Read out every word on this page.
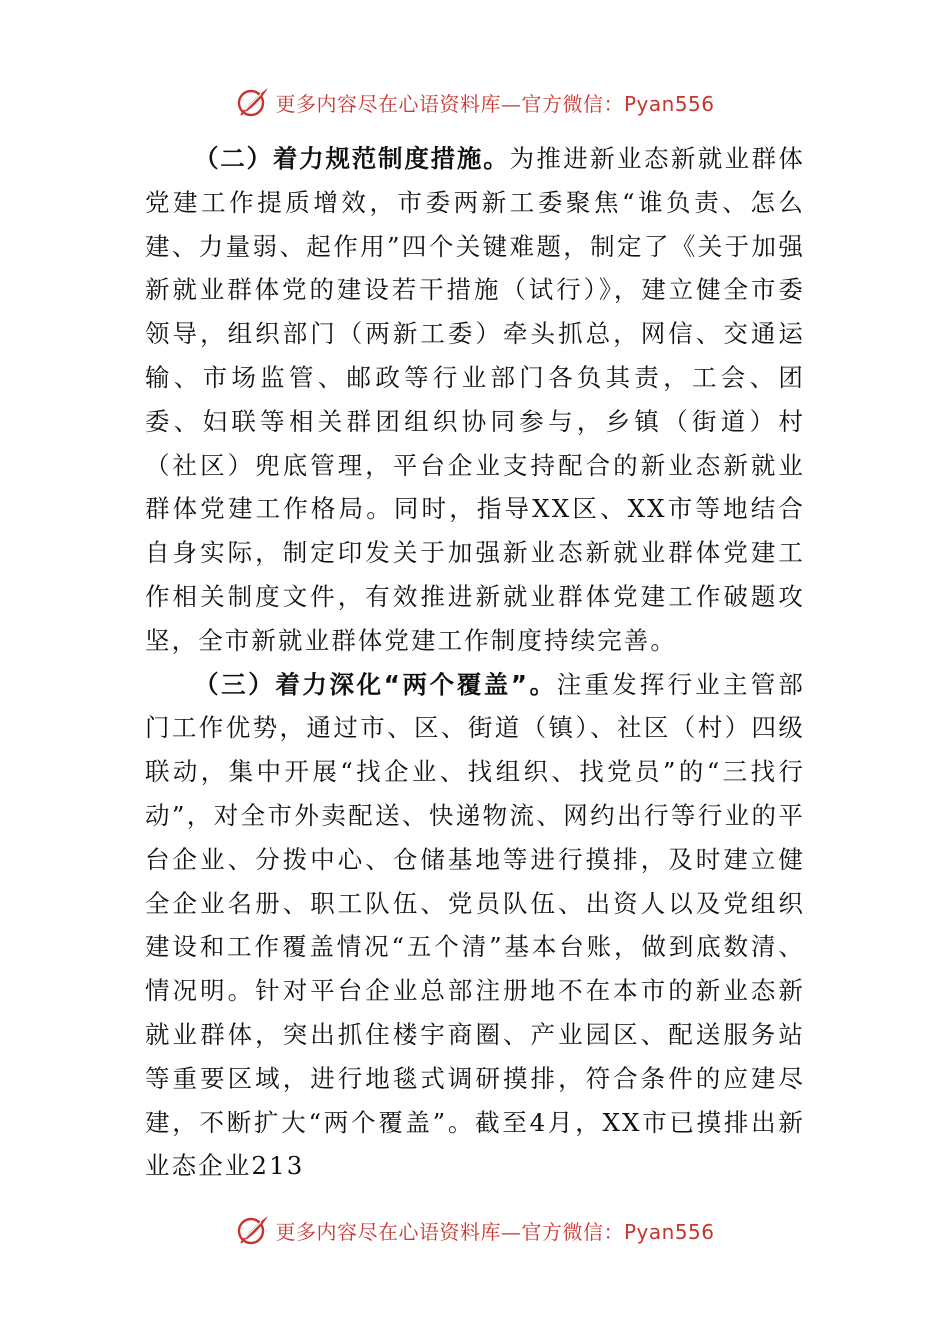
更多内容尽在心语资料库—官方微信：Pyan556

（二）着力规范制度措施。为推进新业态新就业群体党建工作提质增效，市委两新工委聚焦“谁负责、怎么建、力量弱、起作用”四个关键难题，制定了《关于加强新就业群体党的建设若干措施（试行）》，建立健全市委领导，组织部门（两新工委）牵头抓总，网信、交通运输、市场监管、邮政等行业部门各负其责，工会、团委、妇联等相关群团组织协同参与，乡镇（街道）村（社区）兜底管理，平台企业支持配合的新业态新就业群体党建工作格局。同时，指导XX区、XX市等地结合自身实际，制定印发关于加强新业态新就业群体党建工作相关制度文件，有效推进新就业群体党建工作破题攻坚，全市新就业群体党建工作制度持续完善。

（三）着力深化“两个覆盖”。注重发挥行业主管部门工作优势，通过市、区、街道（镇）、社区（村）四级联动，集中开展“找企业、找组织、找党员”的“三找行动”，对全市外卖配送、快递物流、网约出行等行业的平台企业、分拨中心、仓储基地等进行摸排，及时建立健全企业名册、职工队伍、党员队伍、出资人以及党组织建设和工作覆盖情况“五个清”基本台账，做到底数清、情况明。针对平台企业总部注册地不在本市的新业态新就业群体，突出抓住楼宇商圈、产业园区、配送服务站等重要区域，进行地毯式调研摸排，符合条件的应建尽建，不断扩大“两个覆盖”。截至4月，XX市已摸排出新业态企业213

更多内容尽在心语资料库—官方微信：Pyan556
